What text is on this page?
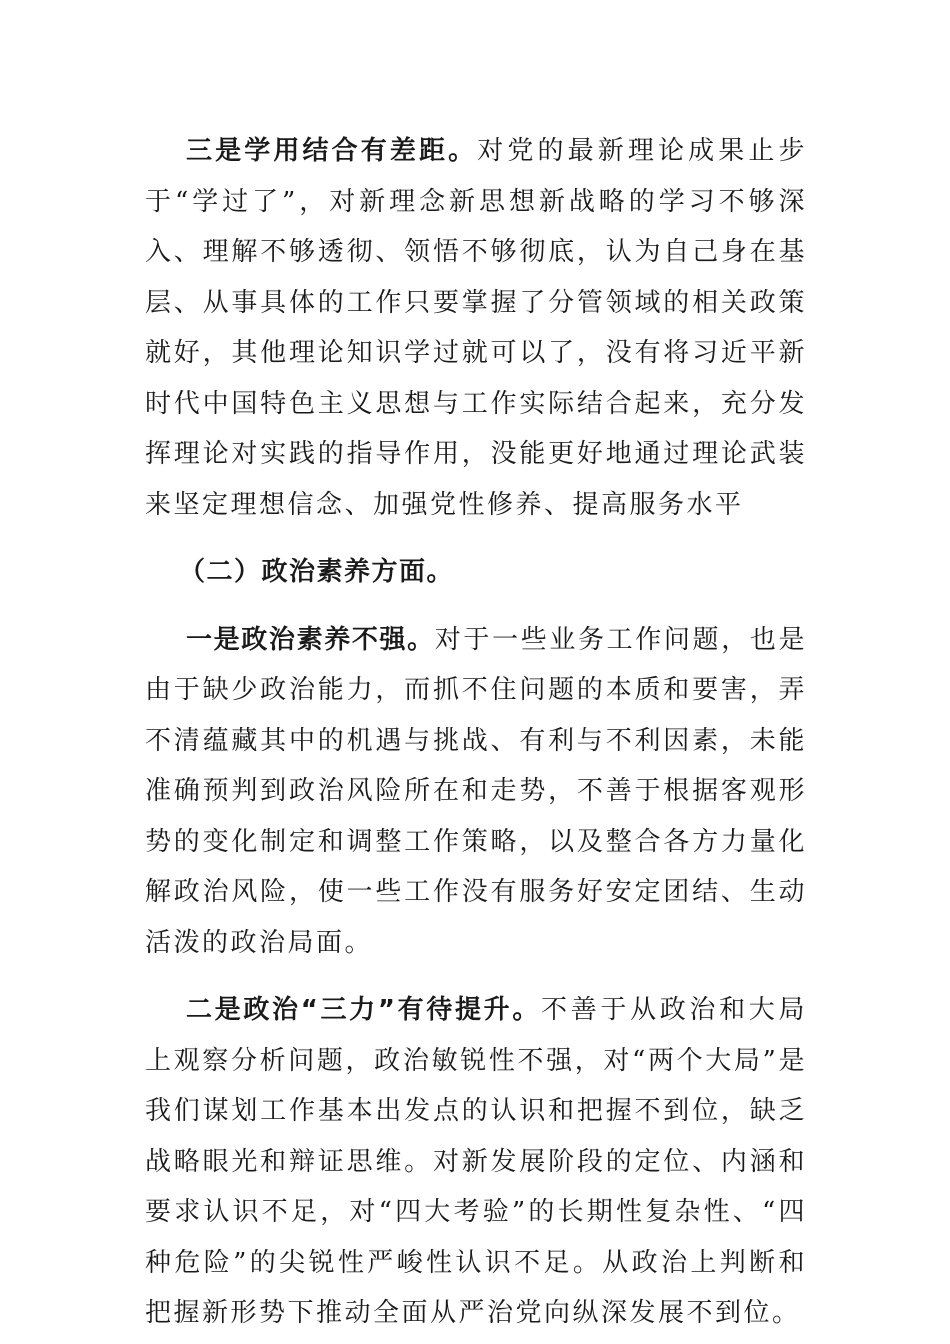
三是学用结合有差距。对党的最新理论成果止步于“学过了”，对新理念新思想新战略的学习不够深入、理解不够透彻、领悟不够彻底，认为自己身在基层、从事具体的工作只要掌握了分管领域的相关政策就好，其他理论知识学过就可以了，没有将习近平新时代中国特色主义思想与工作实际结合起来，充分发挥理论对实践的指导作用，没能更好地通过理论武装来坚定理想信念、加强党性修养、提高服务水平

（二）政治素养方面。

一是政治素养不强。对于一些业务工作问题，也是由于缺少政治能力，而抓不住问题的本质和要害，弄不清蕴藏其中的机遇与挑战、有利与不利因素，未能准确预判到政治风险所在和走势，不善于根据客观形势的变化制定和调整工作策略，以及整合各方力量化解政治风险，使一些工作没有服务好安定团结、生动活泼的政治局面。

二是政治“三力”有待提升。不善于从政治和大局上观察分析问题，政治敏锐性不强，对“两个大局”是我们谋划工作基本出发点的认识和把握不到位，缺乏战略眼光和辩证思维。对新发展阶段的定位、内涵和要求认识不足，对“四大考验”的长期性复杂性、“四种危险”的尖锐性严峻性认识不足。从政治上判断和把握新形势下推动全面从严治党向纵深发展不到位。
